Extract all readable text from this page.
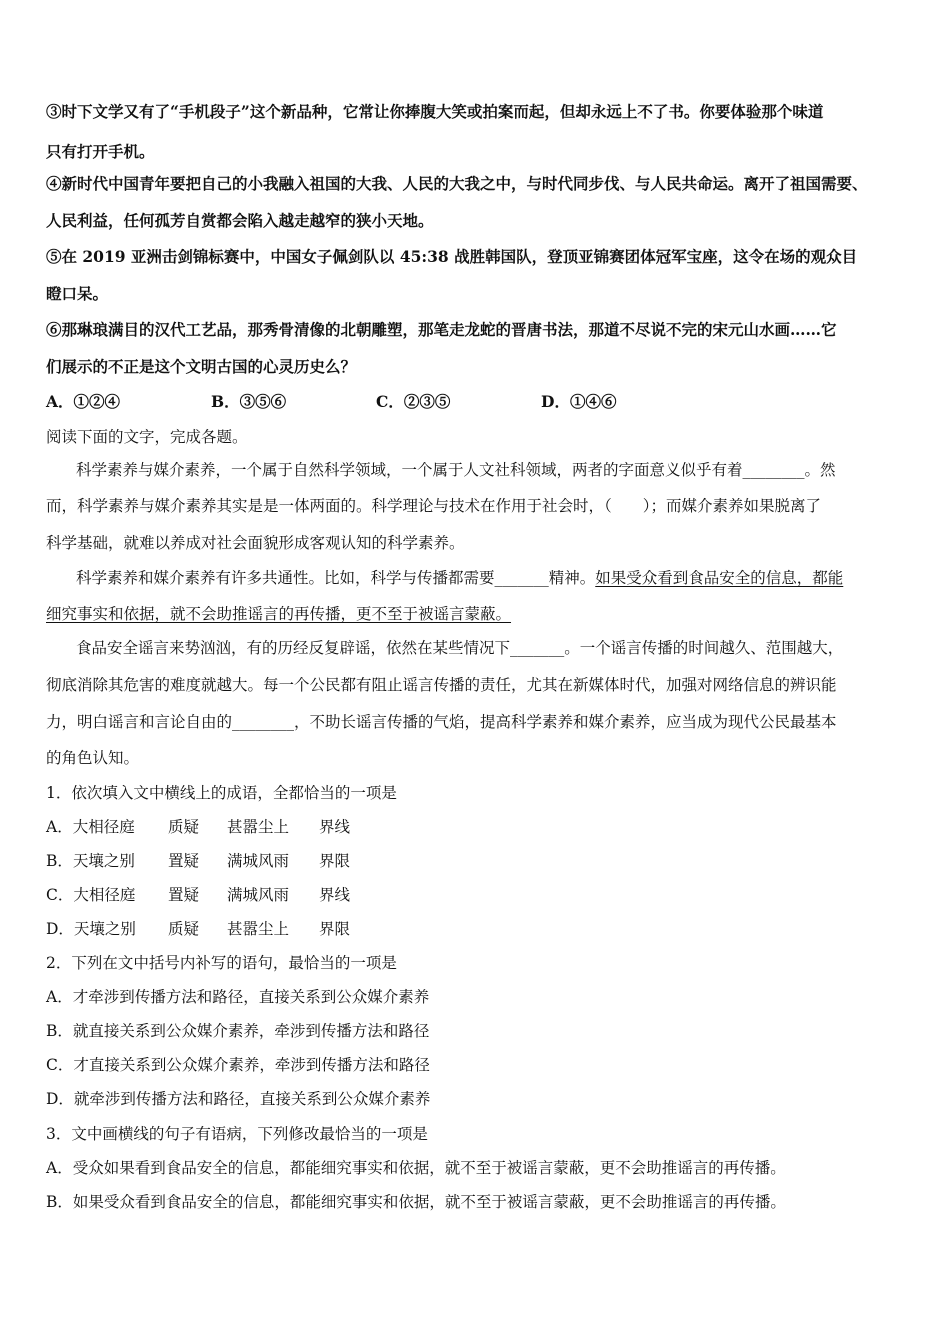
③时下文学又有了“手机段子”这个新品种，它常让你捧腹大笑或拍案而起，但却永远上不了书。你要体验那个味道
只有打开手机。
④新时代中国青年要把自己的小我融入祖国的大我、人民的大我之中，与时代同步伐、与人民共命运。离开了祖国需要、
人民利益，任何孤芳自赏都会陷入越走越窄的狭小天地。
⑤在 2019 亚洲击剑锦标赛中，中国女子佩剑队以 45:38 战胜韩国队，登顶亚锦赛团体冠军宝座，这令在场的观众目
瞪口呆。
⑥那琳琅满目的汉代工艺品，那秀骨清像的北朝雕塑，那笔走龙蛇的晋唐书法，那道不尽说不完的宋元山水画……它
们展示的不正是这个文明古国的心灵历史么？
A．①②④	B．③⑤⑥	C．②③⑤	D．①④⑥
阅读下面的文字，完成各题。
科学素养与媒介素养，一个属于自然科学领域，一个属于人文社科领域，两者的字面意义似乎有着________。然
而，科学素养与媒介素养其实是是一体两面的。科学理论与技术在作用于社会时，（　　）；而媒介素养如果脱离了
科学基础，就难以养成对社会面貌形成客观认知的科学素养。
科学素养和媒介素养有许多共通性。比如，科学与传播都需要_______精神。如果受众看到食品安全的信息，都能
细究事实和依据，就不会助推谣言的再传播，更不至于被谣言蒙蔽。
食品安全谣言来势汹汹，有的历经反复辟谣，依然在某些情况下_______。一个谣言传播的时间越久、范围越大，
彻底消除其危害的难度就越大。每一个公民都有阻止谣言传播的责任，尤其在新媒体时代，加强对网络信息的辨识能
力，明白谣言和言论自由的________，不助长谣言传播的气焰，提高科学素养和媒介素养，应当成为现代公民最基本
的角色认知。
1．依次填入文中横线上的成语，全都恰当的一项是
A．大相径庭 质疑 甚嚣尘上 界线
B．天壤之别 置疑 满城风雨 界限
C．大相径庭 置疑 满城风雨 界线
D．天壤之别 质疑 甚嚣尘上 界限
2．下列在文中括号内补写的语句，最恰当的一项是
A．才牵涉到传播方法和路径，直接关系到公众媒介素养
B．就直接关系到公众媒介素养，牵涉到传播方法和路径
C．才直接关系到公众媒介素养，牵涉到传播方法和路径
D．就牵涉到传播方法和路径，直接关系到公众媒介素养
3．文中画横线的句子有语病，下列修改最恰当的一项是
A．受众如果看到食品安全的信息，都能细究事实和依据，就不至于被谣言蒙蔽，更不会助推谣言的再传播。
B．如果受众看到食品安全的信息，都能细究事实和依据，就不至于被谣言蒙蔽，更不会助推谣言的再传播。
